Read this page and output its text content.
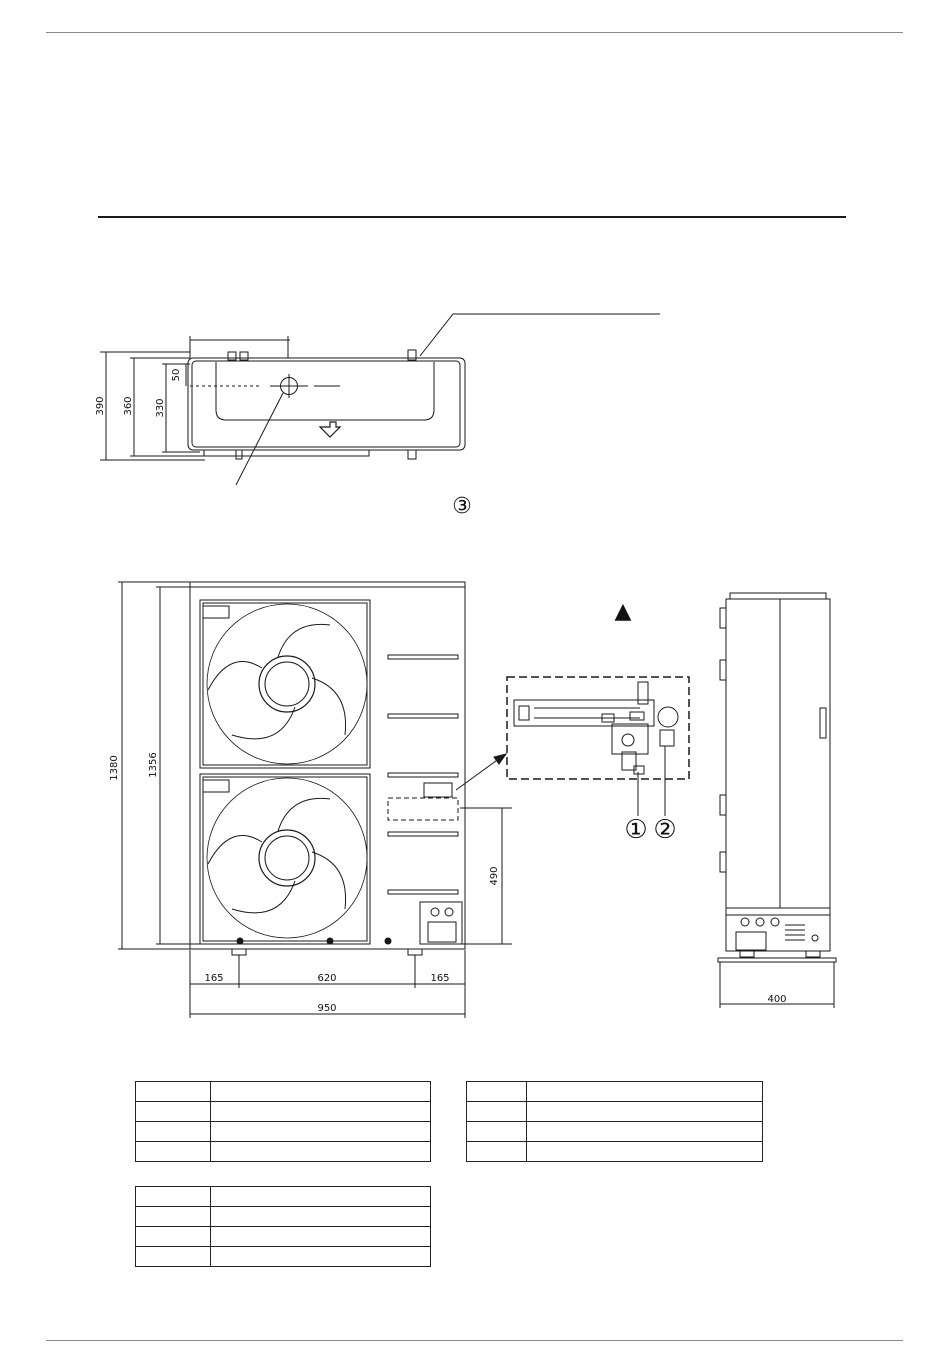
390 360 330
50
③
1380	1356
490
165	620	165
950
▲
① ②
400
